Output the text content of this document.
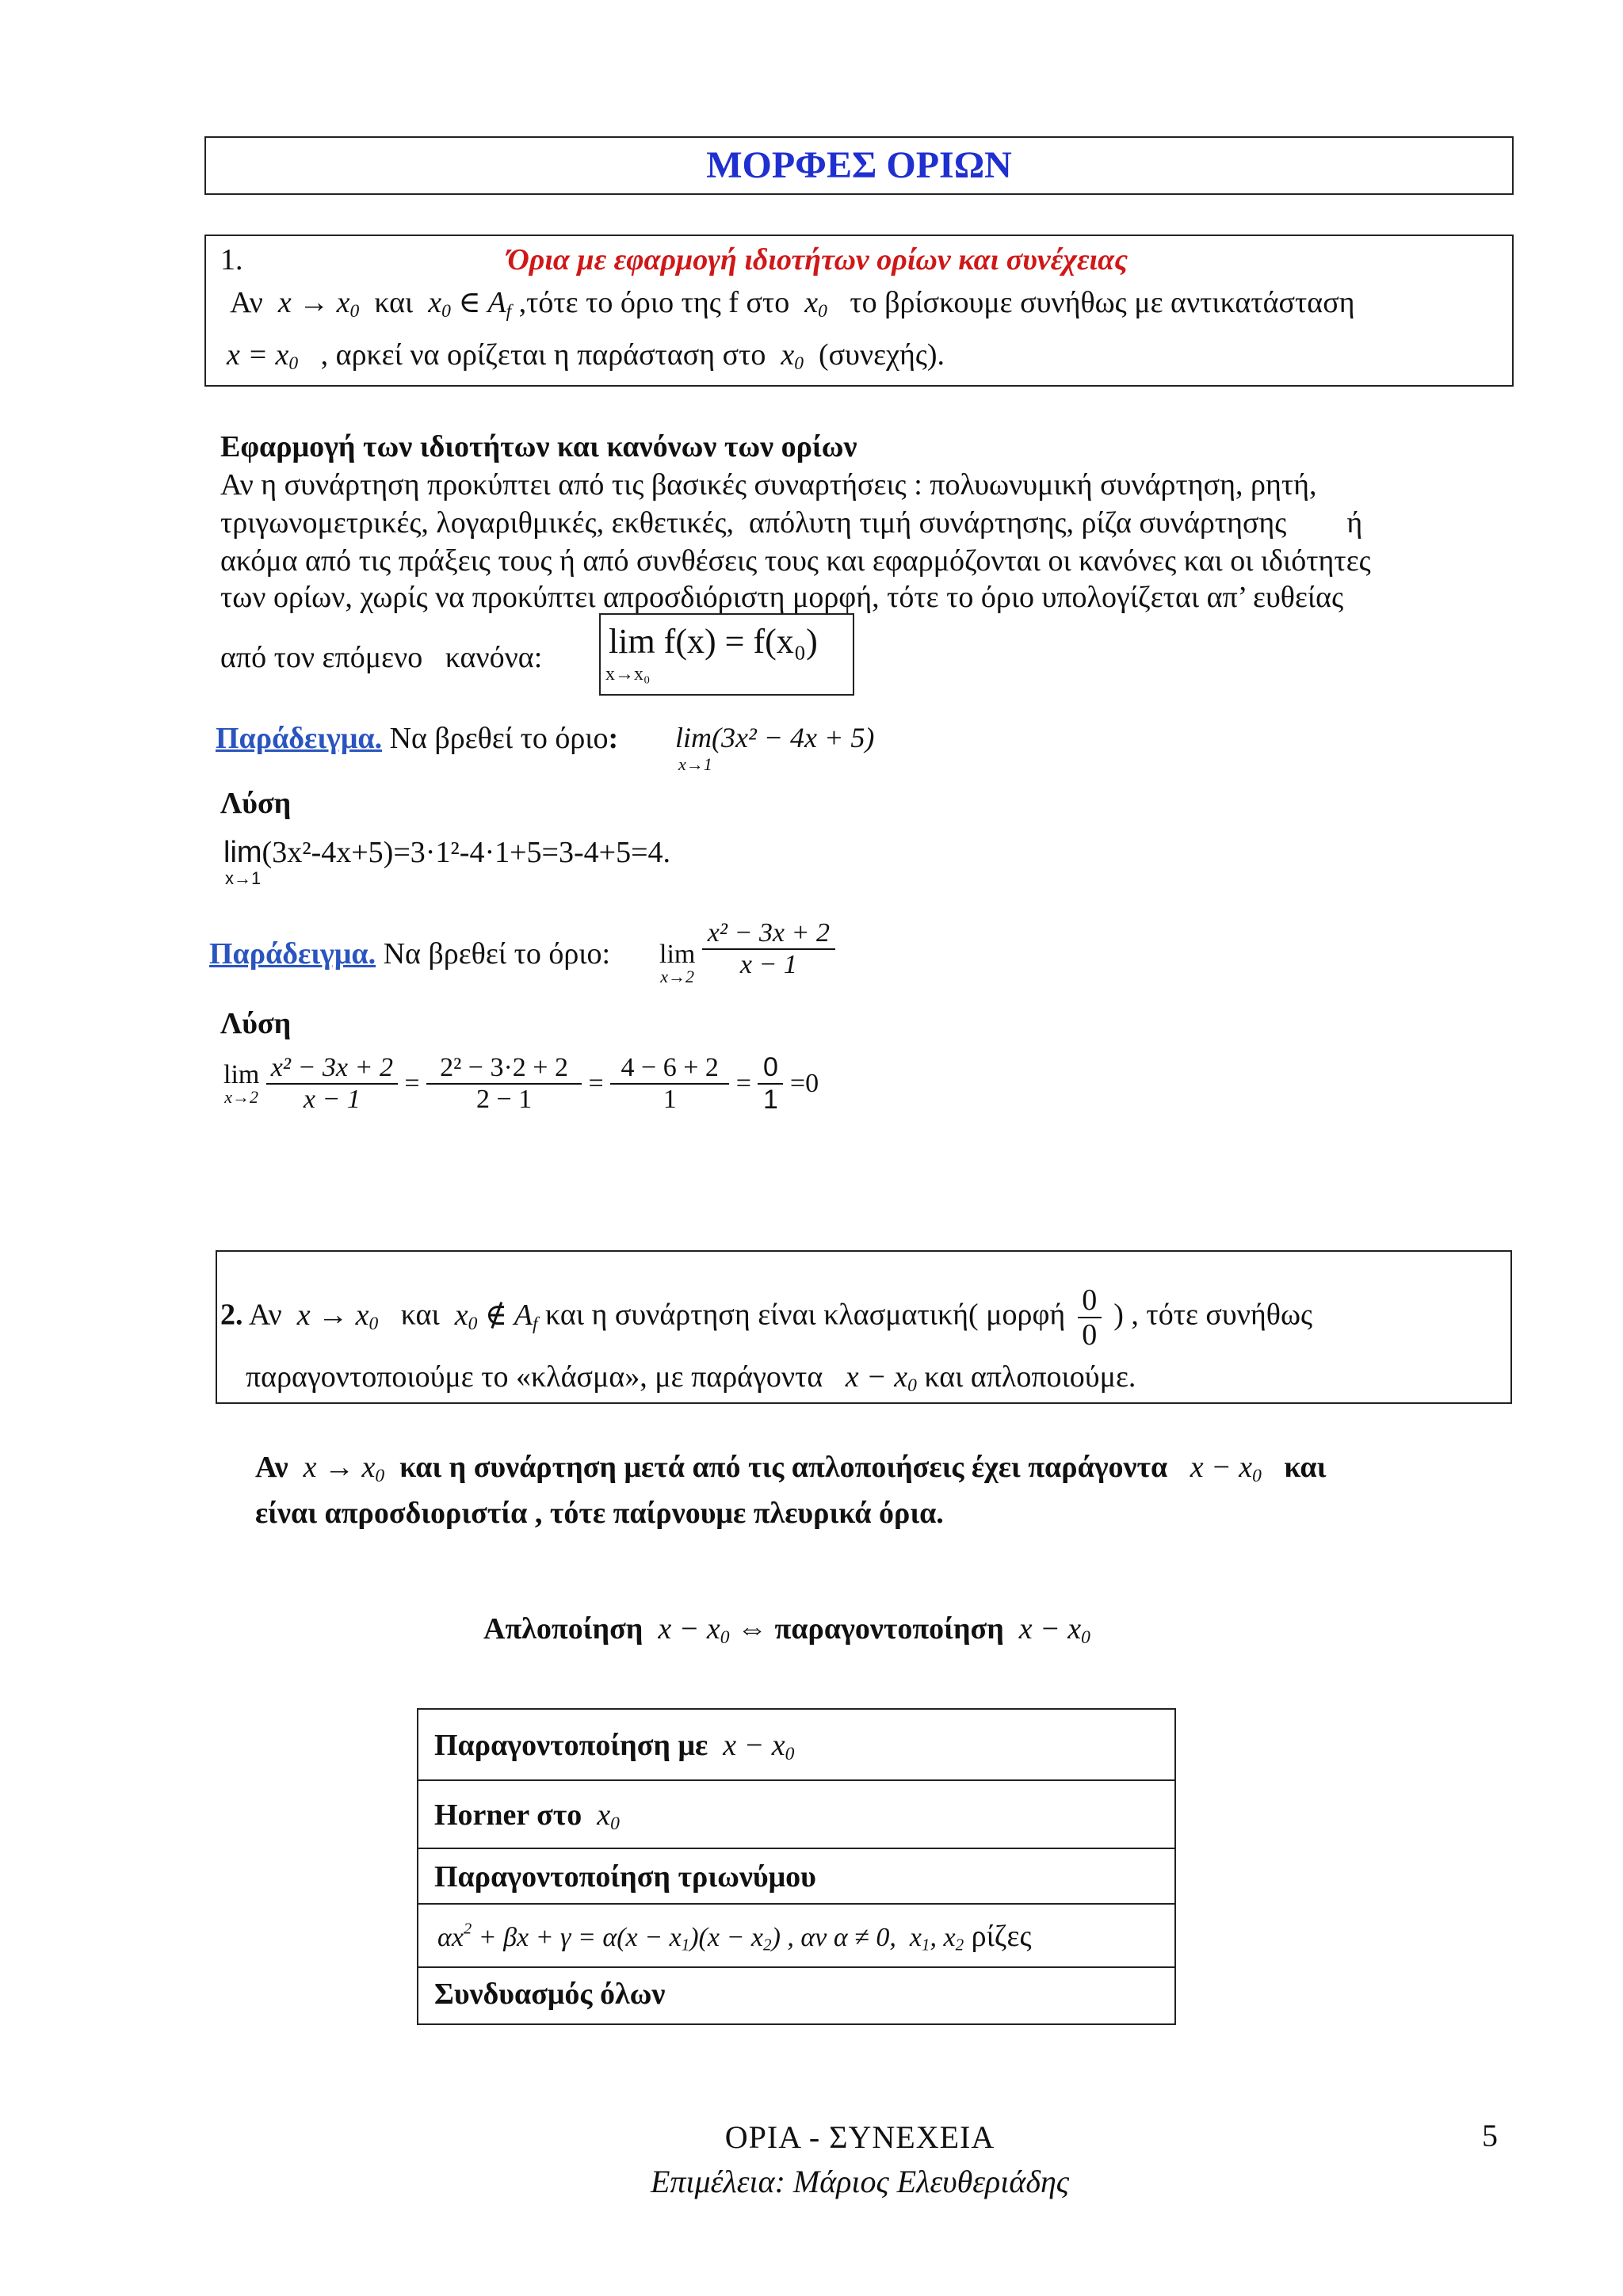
ΜΟΡΦΕΣ ΟΡΙΩΝ
1.	Όρια με εφαρμογή ιδιοτήτων ορίων και συνέχειας
Αν  $x \to x_0$ και  $x_0$ ∈ $A_f$ ,τότε το όριο της f στο  $x_0$ το βρίσκουμε συνήθως με αντικατάσταση
$x = x_0$ , αρκεί να ορίζεται η παράσταση στο  $x_0$ (συνεχής).
Εφαρμογή των ιδιοτήτων και κανόνων των ορίων
Αν η συνάρτηση προκύπτει από τις βασικές συναρτήσεις : πολυωνυμική συνάρτηση, ρητή,
τριγωνομετρικές, λογαριθμικές, εκθετικές,  απόλυτη τιμή συνάρτησης, ρίζα συνάρτησης        ή
ακόμα από τις πράξεις τους ή από συνθέσεις τους και εφαρμόζονται οι κανόνες και οι ιδιότητες
των ορίων, χωρίς να προκύπτει απροσδιόριστη μορφή, τότε το όριο υπολογίζεται απ’ ευθείας
από τον επόμενο   κανόνα: lim f(x) = f(x₀)
x→x₀
Παράδειγμα. Να βρεθεί το όριο: lim(3x² − 4x + 5)
x→1
Λύση
lim(3x²-4x+5)=3·1²-4·1+5=3-4+5=4.
x→1
Παράδειγμα. Να βρεθεί το όριο: lim
x→2
$\frac{\text{x² − 3x + 2}}{x - 1}$
Λύση
lim
x→2
$\frac{\text{x² − 3x + 2}}{x - 1} = \frac{\text{2² − 3·2 + 2}}{2 - 1} = \frac{4 - 6 + 2}{1} = \frac{0}{1} =0$
2. Αν  $x \to x_0$ και  $x_0$ ∉ $A_f$ και η συνάρτηση είναι κλασματική( μορφή $\frac{0}{0}$ ) , τότε συνήθως
παραγοντοποιούμε το «κλάσμα», με παράγοντα   $x - x_0$ και απλοποιούμε.
Αν  $x \to x_0$ και η συνάρτηση μετά από τις απλοποιήσεις έχει παράγοντα   $x - x_0$ και
είναι απροσδιοριστία , τότε παίρνουμε πλευρικά όρια.
Απλοποίηση  $x - x_0$ ⇔ παραγοντοποίηση  $x - x_0$
Παραγοντοποίηση με  $x - x_0$
Horner στο  $x_0$
Παραγοντοποίηση τριωνύμου
$\alpha x^2 + \beta x + \gamma = \alpha(x - x_1)(x - x_2)$ , αν α ≠ 0,  $x_1$, $x_2$ ρίζες
Συνδυασμός όλων
ΟΡΙΑ - ΣΥΝΕΧΕΙΑ
Επιμέλεια: Μάριος Ελευθεριάδης
5
